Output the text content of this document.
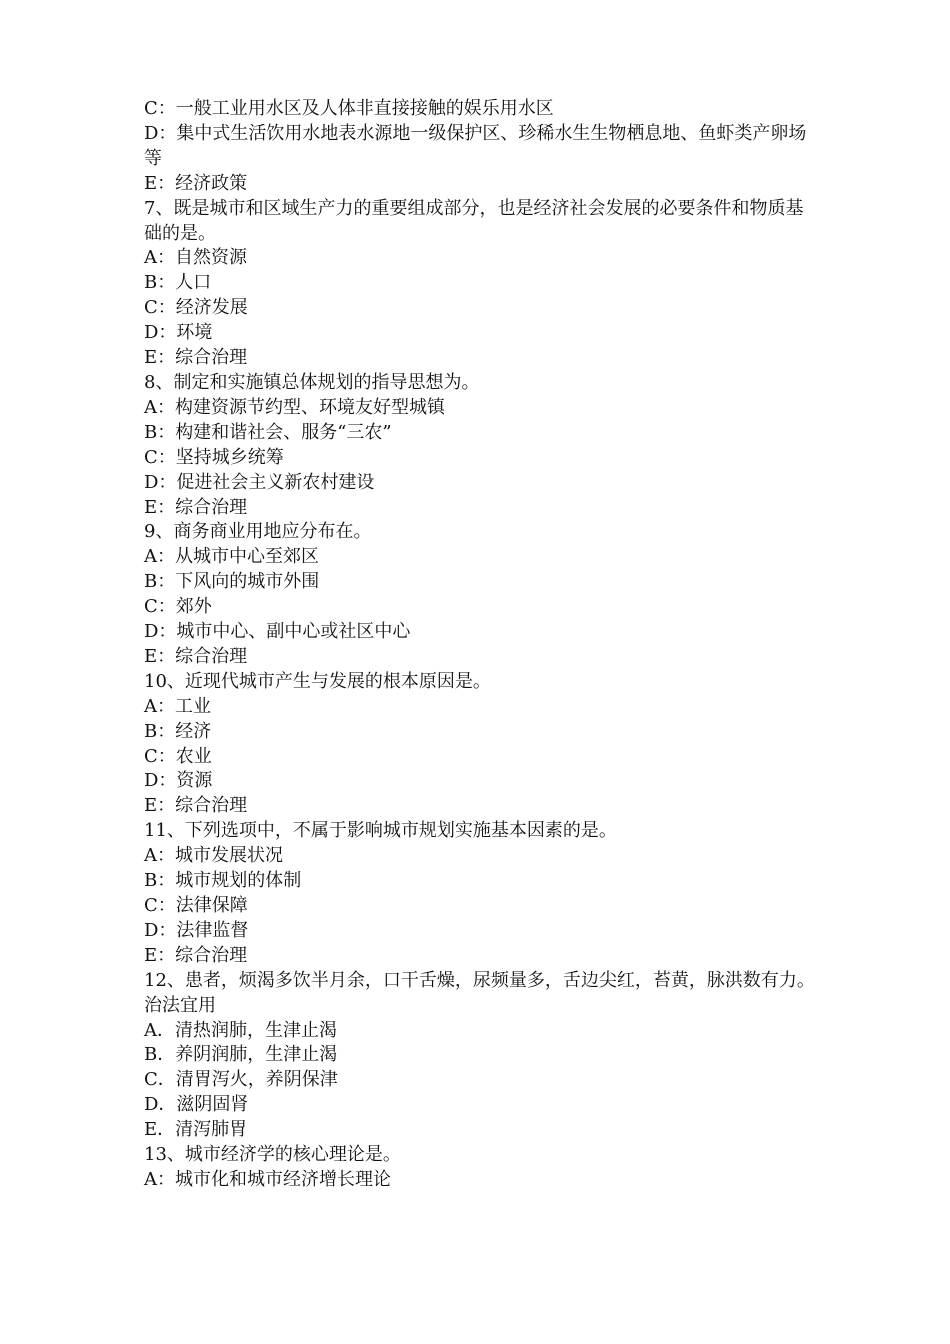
C：一般工业用水区及人体非直接接触的娱乐用水区
D：集中式生活饮用水地表水源地一级保护区、珍稀水生生物栖息地、鱼虾类产卵场等
E：经济政策
7、既是城市和区域生产力的重要组成部分，也是经济社会发展的必要条件和物质基础的是。
A：自然资源
B：人口
C：经济发展
D：环境
E：综合治理
8、制定和实施镇总体规划的指导思想为。
A：构建资源节约型、环境友好型城镇
B：构建和谐社会、服务“三农”
C：坚持城乡统筹
D：促进社会主义新农村建设
E：综合治理
9、商务商业用地应分布在。
A：从城市中心至郊区
B：下风向的城市外围
C：郊外
D：城市中心、副中心或社区中心
E：综合治理
10、近现代城市产生与发展的根本原因是。
A：工业
B：经济
C：农业
D：资源
E：综合治理
11、下列选项中，不属于影响城市规划实施基本因素的是。
A：城市发展状况
B：城市规划的体制
C：法律保障
D：法律监督
E：综合治理
12、患者，烦渴多饮半月余，口干舌燥，尿频量多，舌边尖红，苔黄，脉洪数有力。治法宜用
A．清热润肺，生津止渴
B．养阴润肺，生津止渴
C．清胃泻火，养阴保津
D．滋阴固肾
E．清泻肺胃
13、城市经济学的核心理论是。
A：城市化和城市经济增长理论
